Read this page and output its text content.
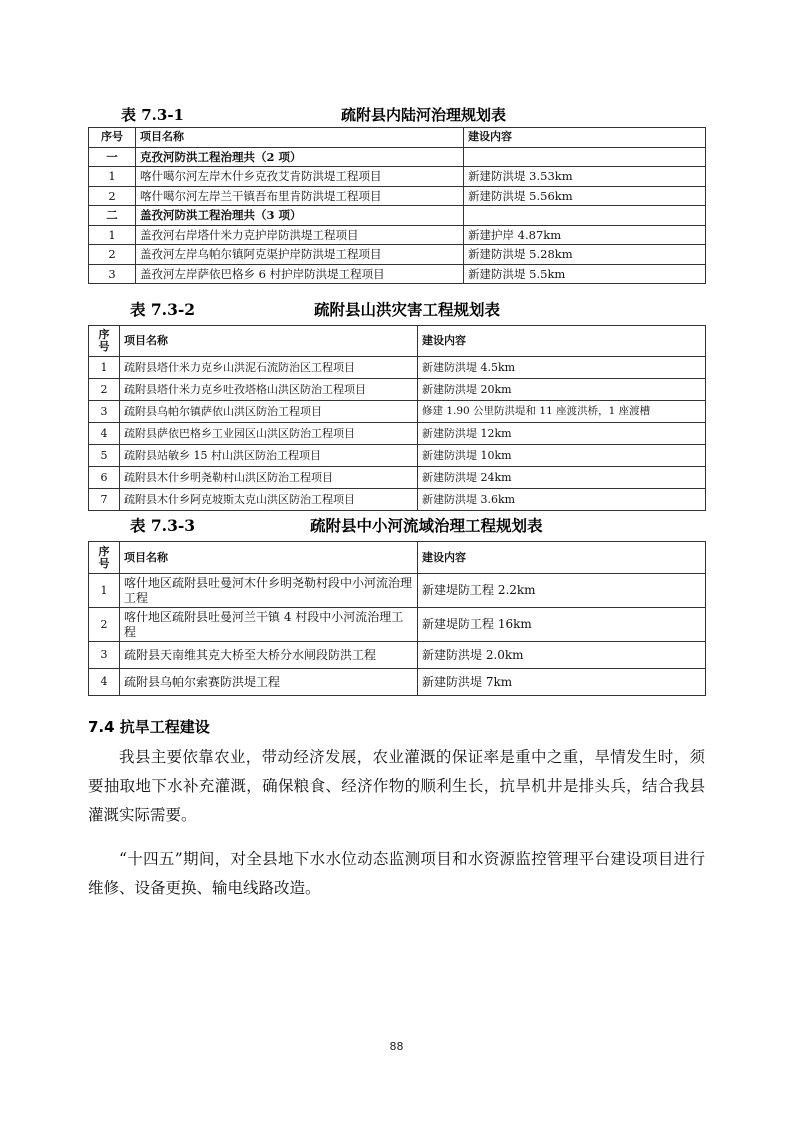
表 7.3-1	疏附县内陆河治理规划表
序号	项目名称	建设内容
一	克孜河防洪工程治理共（2 项）	
1	喀什噶尔河左岸木什乡克孜艾肯防洪堤工程项目	新建防洪堤 3.53km
2	喀什噶尔河左岸兰干镇吾布里肯防洪堤工程项目	新建防洪堤 5.56km
二	盖孜河防洪工程治理共（3 项）	
1	盖孜河右岸塔什米力克护岸防洪堤工程项目	新建护岸 4.87km
2	盖孜河左岸乌帕尔镇阿克渠护岸防洪堤工程项目	新建防洪堤 5.28km
3	盖孜河左岸萨依巴格乡 6 村护岸防洪堤工程项目	新建防洪堤 5.5km
表 7.3-2	疏附县山洪灾害工程规划表
序号	项目名称	建设内容
1	疏附县塔什米力克乡山洪泥石流防治区工程项目	新建防洪堤 4.5km
2	疏附县塔什米力克乡吐孜塔格山洪区防治工程项目	新建防洪堤 20km
3	疏附县乌帕尔镇萨依山洪区防治工程项目	修建 1.90 公里防洪堤和 11 座渡洪桥，1 座渡槽
4	疏附县萨依巴格乡工业园区山洪区防治工程项目	新建防洪堤 12km
5	疏附县站敏乡 15 村山洪区防治工程项目	新建防洪堤 10km
6	疏附县木什乡明尧勒村山洪区防治工程项目	新建防洪堤 24km
7	疏附县木什乡阿克坡斯太克山洪区防治工程项目	新建防洪堤 3.6km
表 7.3-3	疏附县中小河流域治理工程规划表
序号	项目名称	建设内容
1	喀什地区疏附县吐曼河木什乡明尧勒村段中小河流治理工程	新建堤防工程 2.2km
2	喀什地区疏附县吐曼河兰干镇 4 村段中小河流治理工程	新建堤防工程 16km
3	疏附县天南维其克大桥至大桥分水闸段防洪工程	新建防洪堤 2.0km
4	疏附县乌帕尔索赛防洪堤工程	新建防洪堤 7km
7.4 抗旱工程建设
我县主要依靠农业，带动经济发展，农业灌溉的保证率是重中之重，旱情发生时，须要抽取地下水补充灌溉，确保粮食、经济作物的顺利生长，抗旱机井是排头兵，结合我县灌溉实际需要。
“十四五”期间，对全县地下水水位动态监测项目和水资源监控管理平台建设项目进行维修、设备更换、输电线路改造。
88
